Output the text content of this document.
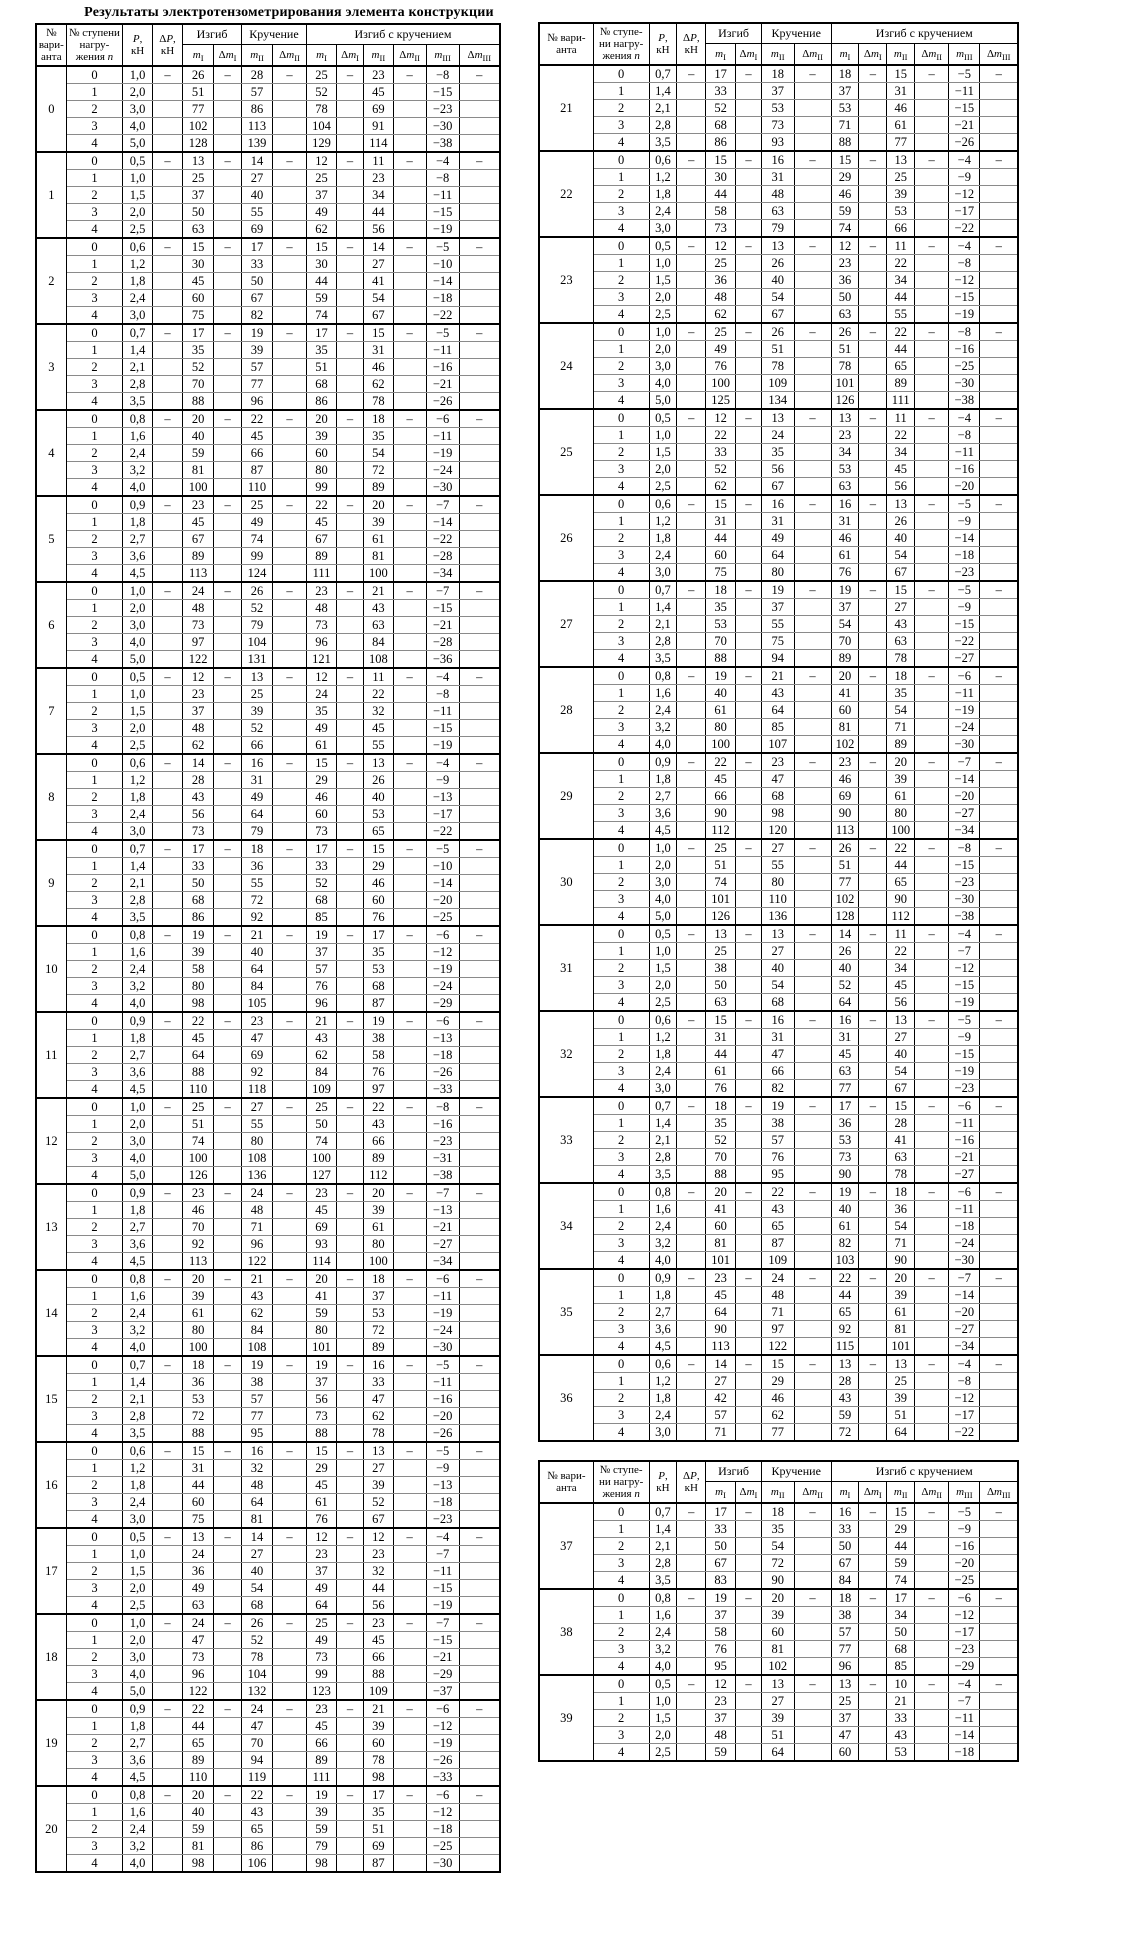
Результаты электротензометрирования элемента конструкции
№
вари-
анта	№ ступени
нагру-
жения n	P,
кН	ΔP,
кН	Изгиб		Кручение		Изгиб с кручением					
				$m_I$	$\Delta m_I$	$m_{II}$	$\Delta m_{II}$	$m_I$	$\Delta m_I$	$m_{II}$	$\Delta m_{II}$	$m_{III}$	$\Delta m_{III}$
0	0	1,0	–	26	–	28	–	25	–	23	–	−8	–
	1	2,0		51		57		52		45		−15	
	2	3,0		77		86		78		69		−23	
	3	4,0		102		113		104		91		−30	
	4	5,0		128		139		129		114		−38	
1	0	0,5	–	13	–	14	–	12	–	11	–	−4	–
	1	1,0		25		27		25		23		−8	
	2	1,5		37		40		37		34		−11	
	3	2,0		50		55		49		44		−15	
	4	2,5		63		69		62		56		−19	
2	0	0,6	–	15	–	17	–	15	–	14	–	−5	–
	1	1,2		30		33		30		27		−10	
	2	1,8		45		50		44		41		−14	
	3	2,4		60		67		59		54		−18	
	4	3,0		75		82		74		67		−22	
3	0	0,7	–	17	–	19	–	17	–	15	–	−5	–
	1	1,4		35		39		35		31		−11	
	2	2,1		52		57		51		46		−16	
	3	2,8		70		77		68		62		−21	
	4	3,5		88		96		86		78		−26	
4	0	0,8	–	20	–	22	–	20	–	18	–	−6	–
	1	1,6		40		45		39		35		−11	
	2	2,4		59		66		60		54		−19	
	3	3,2		81		87		80		72		−24	
	4	4,0		100		110		99		89		−30	
5	0	0,9	–	23	–	25	–	22	–	20	–	−7	–
	1	1,8		45		49		45		39		−14	
	2	2,7		67		74		67		61		−22	
	3	3,6		89		99		89		81		−28	
	4	4,5		113		124		111		100		−34	
6	0	1,0	–	24	–	26	–	23	–	21	–	−7	–
	1	2,0		48		52		48		43		−15	
	2	3,0		73		79		73		63		−21	
	3	4,0		97		104		96		84		−28	
	4	5,0		122		131		121		108		−36	
7	0	0,5	–	12	–	13	–	12	–	11	–	−4	–
	1	1,0		23		25		24		22		−8	
	2	1,5		37		39		35		32		−11	
	3	2,0		48		52		49		45		−15	
	4	2,5		62		66		61		55		−19	
8	0	0,6	–	14	–	16	–	15	–	13	–	−4	–
	1	1,2		28		31		29		26		−9	
	2	1,8		43		49		46		40		−13	
	3	2,4		56		64		60		53		−17	
	4	3,0		73		79		73		65		−22	
9	0	0,7	–	17	–	18	–	17	–	15	–	−5	–
	1	1,4		33		36		33		29		−10	
	2	2,1		50		55		52		46		−14	
	3	2,8		68		72		68		60		−20	
	4	3,5		86		92		85		76		−25	
10	0	0,8	–	19	–	21	–	19	–	17	–	−6	–
	1	1,6		39		40		37		35		−12	
	2	2,4		58		64		57		53		−19	
	3	3,2		80		84		76		68		−24	
	4	4,0		98		105		96		87		−29	
11	0	0,9	–	22	–	23	–	21	–	19	–	−6	–
	1	1,8		45		47		43		38		−13	
	2	2,7		64		69		62		58		−18	
	3	3,6		88		92		84		76		−26	
	4	4,5		110		118		109		97		−33	
12	0	1,0	–	25	–	27	–	25	–	22	–	−8	–
	1	2,0		51		55		50		43		−16	
	2	3,0		74		80		74		66		−23	
	3	4,0		100		108		100		89		−31	
	4	5,0		126		136		127		112		−38	
13	0	0,9	–	23	–	24	–	23	–	20	–	−7	–
	1	1,8		46		48		45		39		−13	
	2	2,7		70		71		69		61		−21	
	3	3,6		92		96		93		80		−27	
	4	4,5		113		122		114		100		−34	
14	0	0,8	–	20	–	21	–	20	–	18	–	−6	–
	1	1,6		39		43		41		37		−11	
	2	2,4		61		62		59		53		−19	
	3	3,2		80		84		80		72		−24	
	4	4,0		100		108		101		89		−30	
15	0	0,7	–	18	–	19	–	19	–	16	–	−5	–
	1	1,4		36		38		37		33		−11	
	2	2,1		53		57		56		47		−16	
	3	2,8		72		77		73		62		−20	
	4	3,5		88		95		88		78		−26	
16	0	0,6	–	15	–	16	–	15	–	13	–	−5	–
	1	1,2		31		32		29		27		−9	
	2	1,8		44		48		45		39		−13	
	3	2,4		60		64		61		52		−18	
	4	3,0		75		81		76		67		−23	
17	0	0,5	–	13	–	14	–	12	–	12	–	−4	–
	1	1,0		24		27		23		23		−7	
	2	1,5		36		40		37		32		−11	
	3	2,0		49		54		49		44		−15	
	4	2,5		63		68		64		56		−19	
18	0	1,0	–	24	–	26	–	25	–	23	–	−7	–
	1	2,0		47		52		49		45		−15	
	2	3,0		73		78		73		66		−21	
	3	4,0		96		104		99		88		−29	
	4	5,0		122		132		123		109		−37	
19	0	0,9	–	22	–	24	–	23	–	21	–	−6	–
	1	1,8		44		47		45		39		−12	
	2	2,7		65		70		66		60		−19	
	3	3,6		89		94		89		78		−26	
	4	4,5		110		119		111		98		−33	
20	0	0,8	–	20	–	22	–	19	–	17	–	−6	–
	1	1,6		40		43		39		35		−12	
	2	2,4		59		65		59		51		−18	
	3	3,2		81		86		79		69		−25	
	4	4,0		98		106		98		87		−30	
№ вари-
анта	№ ступе-
ни нагру-
жения n	P,
кН	ΔP,
кН	Изгиб		Кручение		Изгиб с кручением					
				$m_I$	$\Delta m_I$	$m_{II}$	$\Delta m_{II}$	$m_I$	$\Delta m_I$	$m_{II}$	$\Delta m_{II}$	$m_{III}$	$\Delta m_{III}$
21	0	0,7	–	17	–	18	–	18	–	15	–	−5	–
	1	1,4		33		37		37		31		−11	
	2	2,1		52		53		53		46		−15	
	3	2,8		68		73		71		61		−21	
	4	3,5		86		93		88		77		−26	
22	0	0,6	–	15	–	16	–	15	–	13	–	−4	–
	1	1,2		30		31		29		25		−9	
	2	1,8		44		48		46		39		−12	
	3	2,4		58		63		59		53		−17	
	4	3,0		73		79		74		66		−22	
23	0	0,5	–	12	–	13	–	12	–	11	–	−4	–
	1	1,0		25		26		23		22		−8	
	2	1,5		36		40		36		34		−12	
	3	2,0		48		54		50		44		−15	
	4	2,5		62		67		63		55		−19	
24	0	1,0	–	25	–	26	–	26	–	22	–	−8	–
	1	2,0		49		51		51		44		−16	
	2	3,0		76		78		78		65		−25	
	3	4,0		100		109		101		89		−30	
	4	5,0		125		134		126		111		−38	
25	0	0,5	–	12	–	13	–	13	–	11	–	−4	–
	1	1,0		22		24		23		22		−8	
	2	1,5		33		35		34		34		−11	
	3	2,0		52		56		53		45		−16	
	4	2,5		62		67		63		56		−20	
26	0	0,6	–	15	–	16	–	16	–	13	–	−5	–
	1	1,2		31		31		31		26		−9	
	2	1,8		44		49		46		40		−14	
	3	2,4		60		64		61		54		−18	
	4	3,0		75		80		76		67		−23	
27	0	0,7	–	18	–	19	–	19	–	15	–	−5	–
	1	1,4		35		37		37		27		−9	
	2	2,1		53		55		54		43		−15	
	3	2,8		70		75		70		63		−22	
	4	3,5		88		94		89		78		−27	
28	0	0,8	–	19	–	21	–	20	–	18	–	−6	–
	1	1,6		40		43		41		35		−11	
	2	2,4		61		64		60		54		−19	
	3	3,2		80		85		81		71		−24	
	4	4,0		100		107		102		89		−30	
29	0	0,9	–	22	–	23	–	23	–	20	–	−7	–
	1	1,8		45		47		46		39		−14	
	2	2,7		66		68		69		61		−20	
	3	3,6		90		98		90		80		−27	
	4	4,5		112		120		113		100		−34	
30	0	1,0	–	25	–	27	–	26	–	22	–	−8	–
	1	2,0		51		55		51		44		−15	
	2	3,0		74		80		77		65		−23	
	3	4,0		101		110		102		90		−30	
	4	5,0		126		136		128		112		−38	
31	0	0,5	–	13	–	13	–	14	–	11	–	−4	–
	1	1,0		25		27		26		22		−7	
	2	1,5		38		40		40		34		−12	
	3	2,0		50		54		52		45		−15	
	4	2,5		63		68		64		56		−19	
32	0	0,6	–	15	–	16	–	16	–	13	–	−5	–
	1	1,2		31		31		31		27		−9	
	2	1,8		44		47		45		40		−15	
	3	2,4		61		66		63		54		−19	
	4	3,0		76		82		77		67		−23	
33	0	0,7	–	18	–	19	–	17	–	15	–	−6	–
	1	1,4		35		38		36		28		−11	
	2	2,1		52		57		53		41		−16	
	3	2,8		70		76		73		63		−21	
	4	3,5		88		95		90		78		−27	
34	0	0,8	–	20	–	22	–	19	–	18	–	−6	–
	1	1,6		41		43		40		36		−11	
	2	2,4		60		65		61		54		−18	
	3	3,2		81		87		82		71		−24	
	4	4,0		101		109		103		90		−30	
35	0	0,9	–	23	–	24	–	22	–	20	–	−7	–
	1	1,8		45		48		44		39		−14	
	2	2,7		64		71		65		61		−20	
	3	3,6		90		97		92		81		−27	
	4	4,5		113		122		115		101		−34	
36	0	0,6	–	14	–	15	–	13	–	13	–	−4	–
	1	1,2		27		29		28		25		−8	
	2	1,8		42		46		43		39		−12	
	3	2,4		57		62		59		51		−17	
	4	3,0		71		77		72		64		−22	
№ вари-
анта	№ ступе-
ни нагру-
жения n	P,
кН	ΔP,
кН	Изгиб		Кручение		Изгиб с кручением					
				$m_I$	$\Delta m_I$	$m_{II}$	$\Delta m_{II}$	$m_I$	$\Delta m_I$	$m_{II}$	$\Delta m_{II}$	$m_{III}$	$\Delta m_{III}$
37	0	0,7	–	17	–	18	–	16	–	15	–	−5	–
	1	1,4		33		35		33		29		−9	
	2	2,1		50		54		50		44		−16	
	3	2,8		67		72		67		59		−20	
	4	3,5		83		90		84		74		−25	
38	0	0,8	–	19	–	20	–	18	–	17	–	−6	–
	1	1,6		37		39		38		34		−12	
	2	2,4		58		60		57		50		−17	
	3	3,2		76		81		77		68		−23	
	4	4,0		95		102		96		85		−29	
39	0	0,5	–	12	–	13	–	13	–	10	–	−4	–
	1	1,0		23		27		25		21		−7	
	2	1,5		37		39		37		33		−11	
	3	2,0		48		51		47		43		−14	
	4	2,5		59		64		60		53		−18	
